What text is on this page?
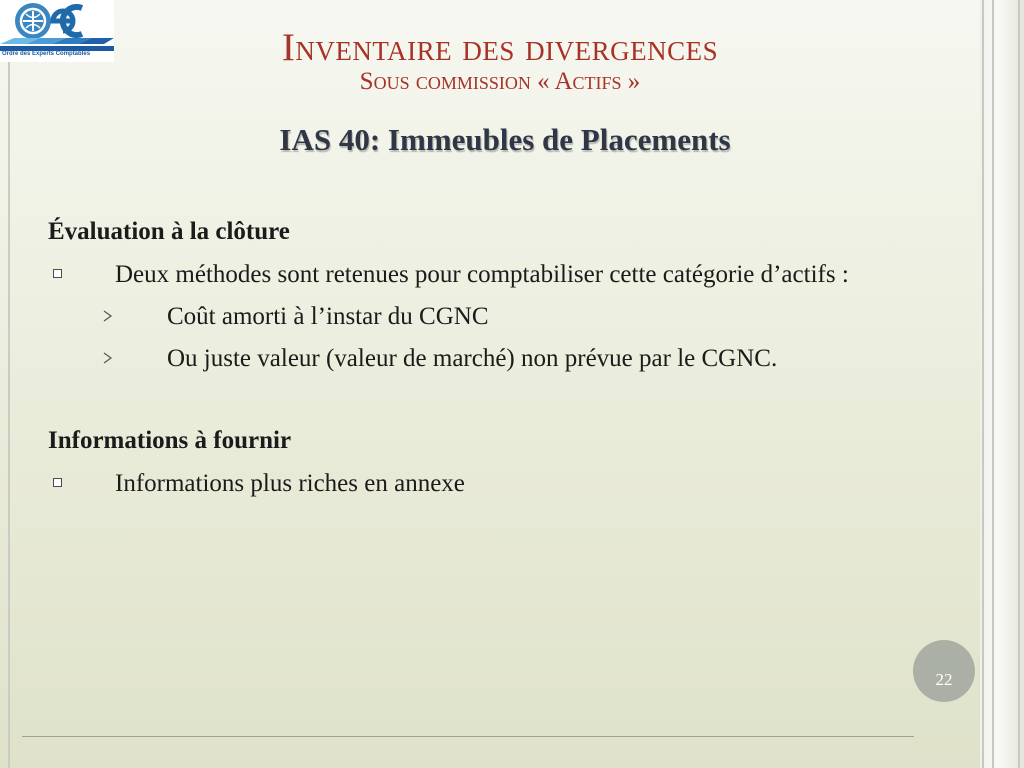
Ordre des Experts Comptables	Inventaire des divergences
Sous commission « Actifs »
IAS 40: Immeubles de Placements

Évaluation à la clôture

Deux méthodes sont retenues pour comptabiliser cette catégorie d’actifs :
Coût amorti à l’instar du CGNC
Ou juste valeur (valeur de marché) non prévue par le CGNC.

Informations à fournir

Informations plus riches en annexe
22
